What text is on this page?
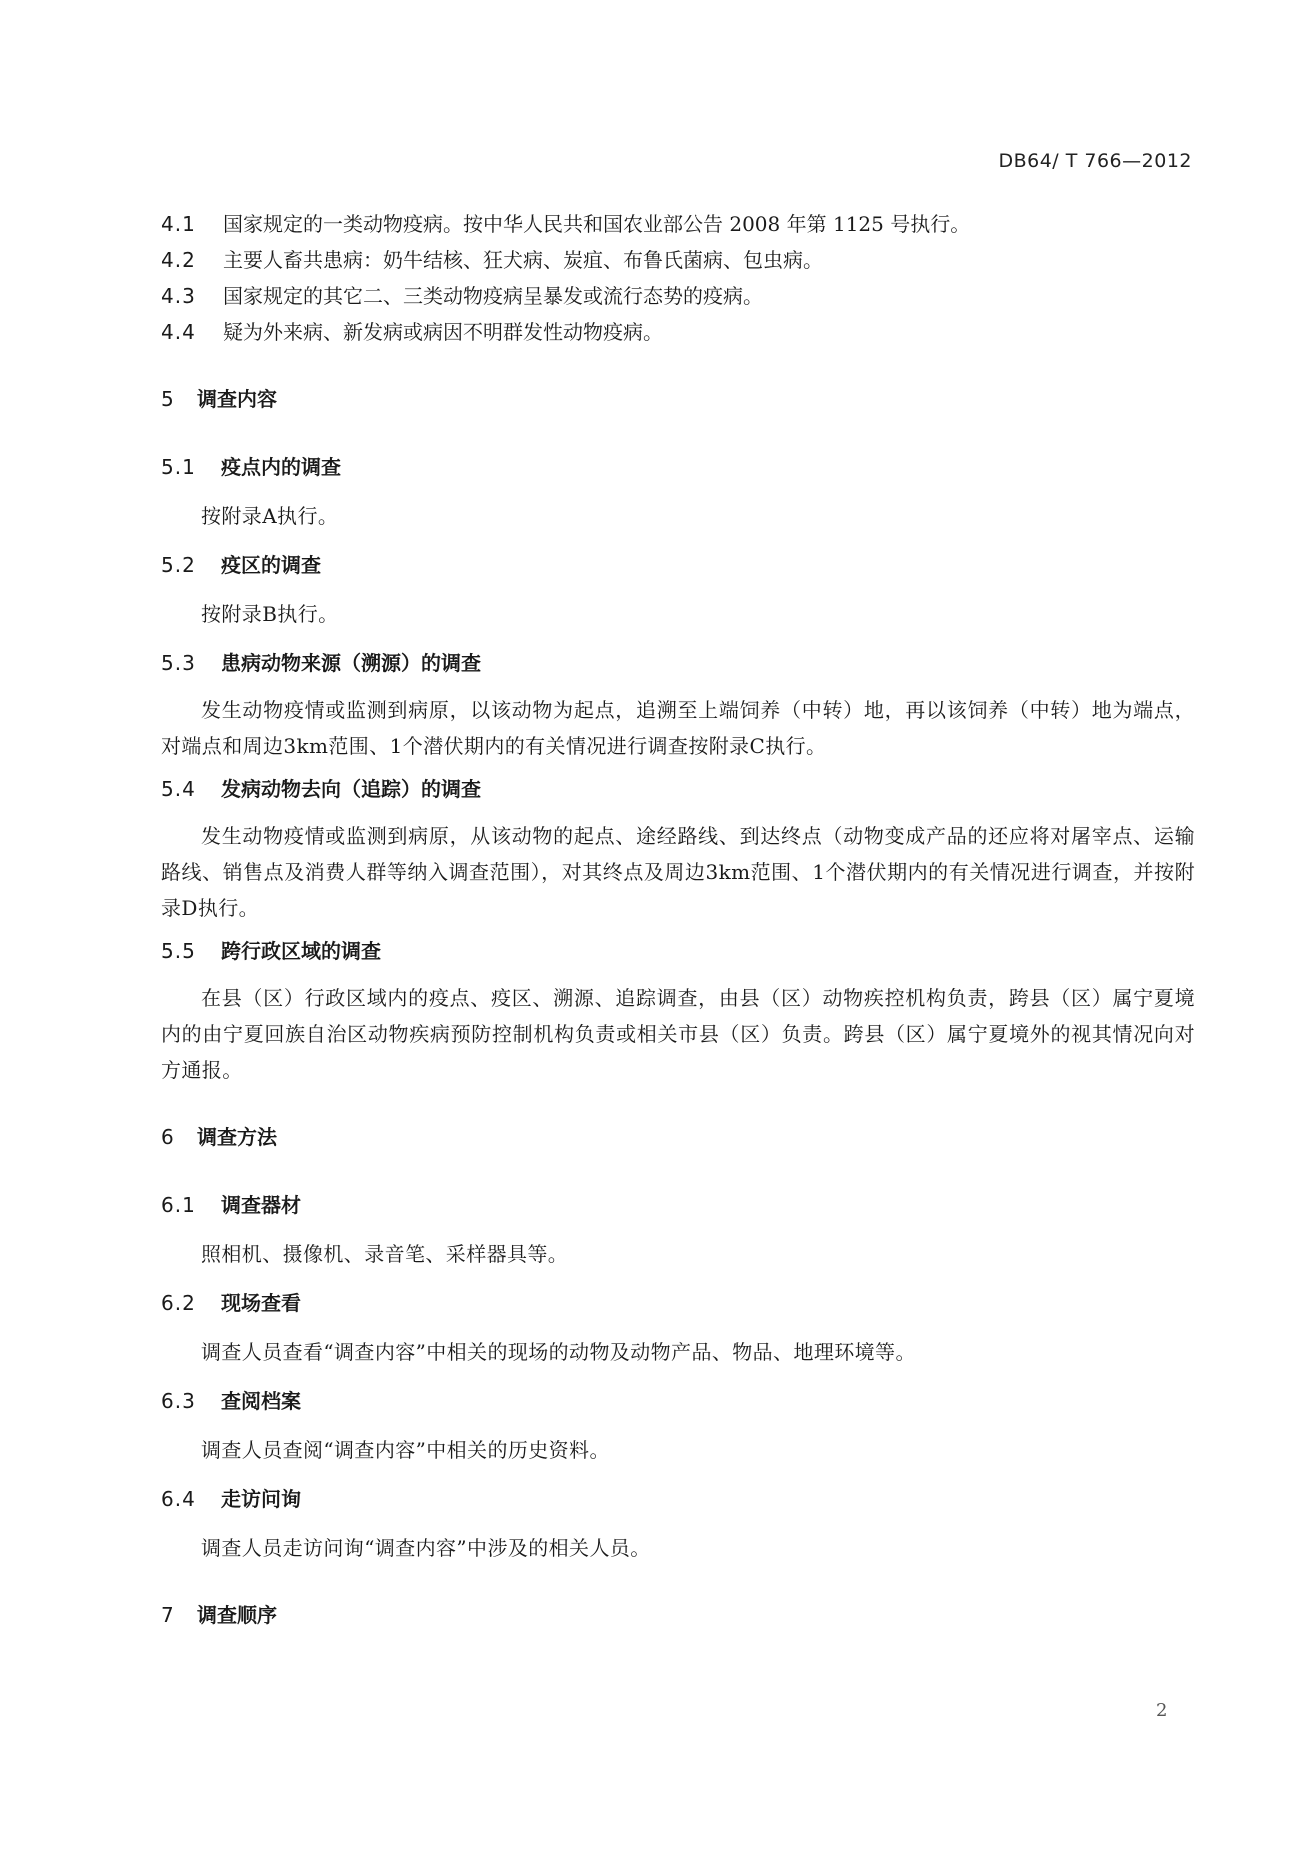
DB64/ T 766—2012
4.1	国家规定的一类动物疫病。按中华人民共和国农业部公告 2008 年第 1125 号执行。
4.2	主要人畜共患病：奶牛结核、狂犬病、炭疽、布鲁氏菌病、包虫病。
4.3	国家规定的其它二、三类动物疫病呈暴发或流行态势的疫病。
4.4	疑为外来病、新发病或病因不明群发性动物疫病。
5	调查内容
5.1	疫点内的调查
按附录A执行。
5.2	疫区的调查
按附录B执行。
5.3	患病动物来源（溯源）的调查
发生动物疫情或监测到病原，以该动物为起点，追溯至上端饲养（中转）地，再以该饲养（中转）地为端点，对端点和周边3km范围、1个潜伏期内的有关情况进行调查按附录C执行。
5.4	发病动物去向（追踪）的调查
发生动物疫情或监测到病原，从该动物的起点、途经路线、到达终点（动物变成产品的还应将对屠宰点、运输路线、销售点及消费人群等纳入调查范围），对其终点及周边3km范围、1个潜伏期内的有关情况进行调查，并按附录D执行。
5.5	跨行政区域的调查
在县（区）行政区域内的疫点、疫区、溯源、追踪调查，由县（区）动物疾控机构负责，跨县（区）属宁夏境内的由宁夏回族自治区动物疾病预防控制机构负责或相关市县（区）负责。跨县（区）属宁夏境外的视其情况向对方通报。
6	调查方法
6.1	调查器材
照相机、摄像机、录音笔、采样器具等。
6.2	现场查看
调查人员查看“调查内容”中相关的现场的动物及动物产品、物品、地理环境等。
6.3	查阅档案
调查人员查阅“调查内容”中相关的历史资料。
6.4	走访问询
调查人员走访问询“调查内容”中涉及的相关人员。
7	调查顺序
2
